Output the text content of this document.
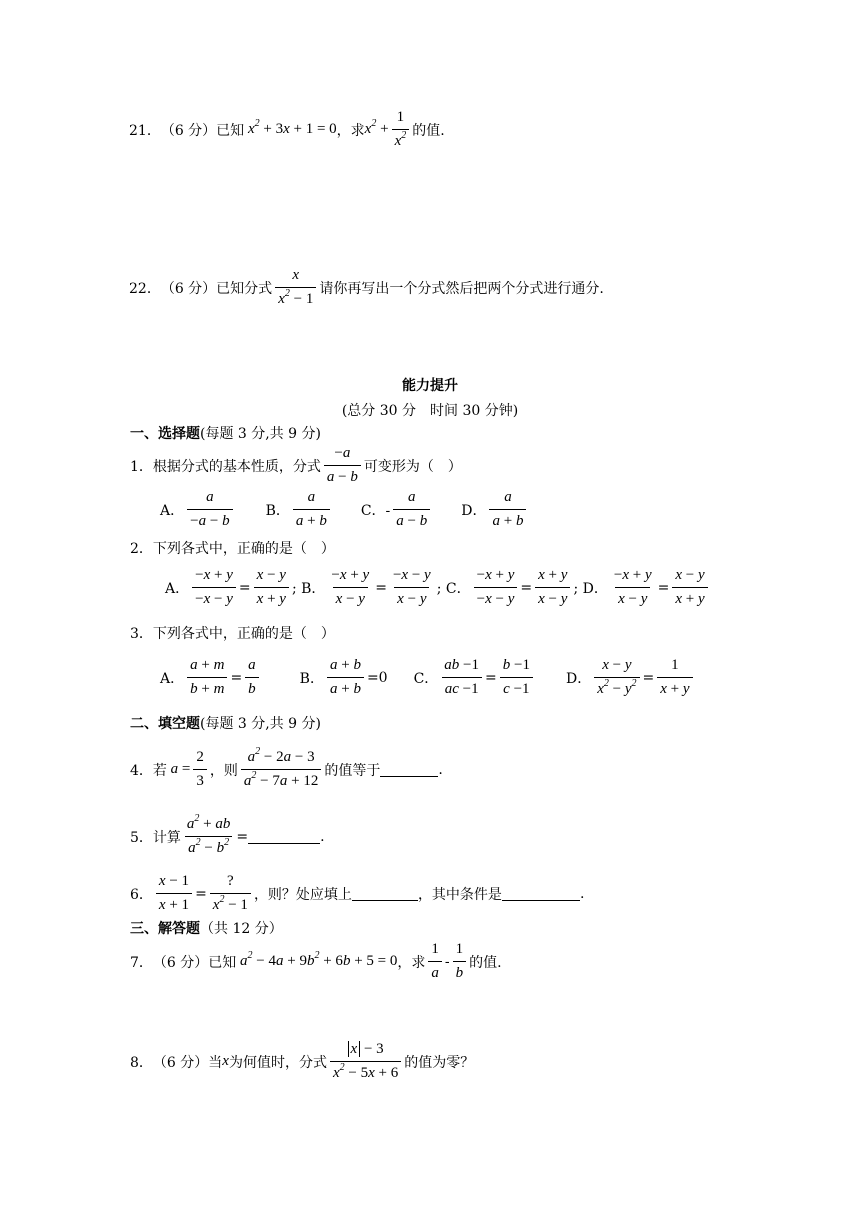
21． （6 分）已知 $x^2 + 3x + 1 = 0$ ，求 $x^2 + \frac{1}{x^2}$ 的值.
22． （6 分）已知分式 $\frac{x}{x^2 - 1}$ 请你再写出一个分式然后把两个分式进行通分.
能力提升
(总分 30 分　时间 30 分钟)
一、选择题 (每题 3 分,共 9 分)
1． 根据分式的基本性质，分式 $\frac{-a}{a - b}$ 可变形为（　）
A． $\frac{a}{-a - b}$ B． $\frac{a}{a + b}$ C．- $\frac{a}{a - b}$ D． $\frac{a}{a + b}$
2． 下列各式中，正确的是（　）
A． $\frac{-x + y}{-x - y} = \frac{x - y}{x + y}$ ; B． $\frac{-x + y}{x - y} = \frac{-x - y}{x - y}$ ; C． $\frac{-x + y}{-x - y} = \frac{x + y}{x - y}$ ; D． $\frac{-x + y}{x - y} = \frac{x - y}{x + y}$
3． 下列各式中，正确的是（　）
A． $\frac{a + m}{b + m} = \frac{a}{b}$	B． $\frac{a + b}{a + b} =0$ C． $\frac{ab -1}{ac -1} = \frac{b -1}{c -1}$ D． $\frac{x - y}{x^2 - y^2} = \frac{1}{x + y}$
二、填空题 (每题 3 分,共 9 分)
4． 若 $a = \frac{2}{3}$ ，则 $\frac{a^2 - 2a - 3}{a^2 - 7a + 12}$ 的值等于	.
5． 计算 $\frac{a^2 + ab}{a^2 - b^2}$ =	.
6． $\frac{x - 1}{x + 1} = \frac{?}{x^2 - 1}$ ，则？处应填上	，其中条件是	.
三、解答题 （共 12 分）
7． （6 分）已知 $a^2 - 4a + 9b^2 + 6b + 5 = 0$ ，求 $\frac{1}{a} - \frac{1}{b}$ 的值.
8． （6 分）当 x 为何值时，分式 $\frac{x - 3}{x^2 - 5x + 6}$ 的值为零？
